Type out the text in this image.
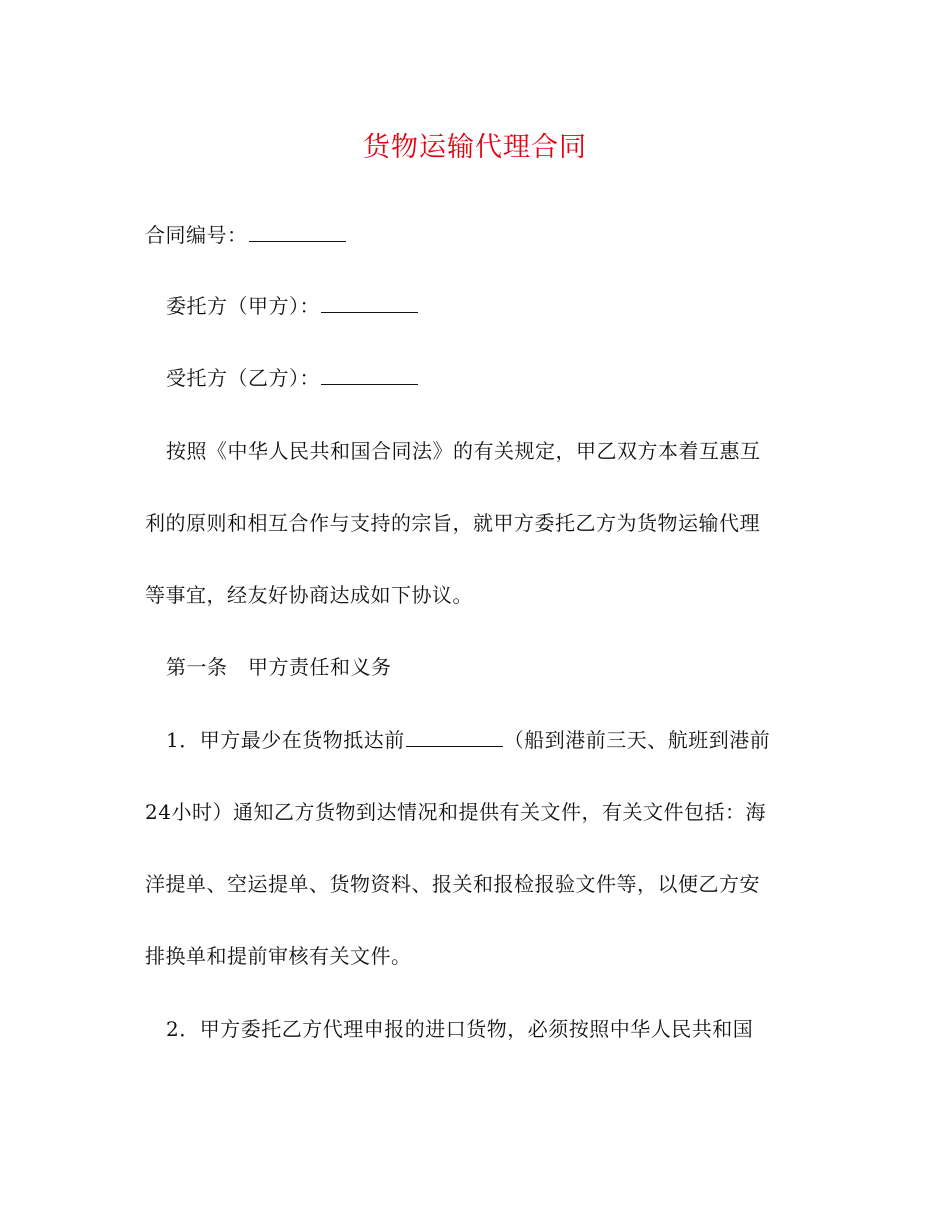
货物运输代理合同
合同编号：
委托方（甲方）：
受托方（乙方）：
按照《中华人民共和国合同法》的有关规定，甲乙双方本着互惠互
利的原则和相互合作与支持的宗旨，就甲方委托乙方为货物运输代理
等事宜，经友好协商达成如下协议。
第一条　甲方责任和义务
1．甲方最少在货物抵达前	（船到港前三天、航班到港前
24小时）通知乙方货物到达情况和提供有关文件，有关文件包括：海
洋提单、空运提单、货物资料、报关和报检报验文件等，以便乙方安
排换单和提前审核有关文件。
2．甲方委托乙方代理申报的进口货物，必须按照中华人民共和国
